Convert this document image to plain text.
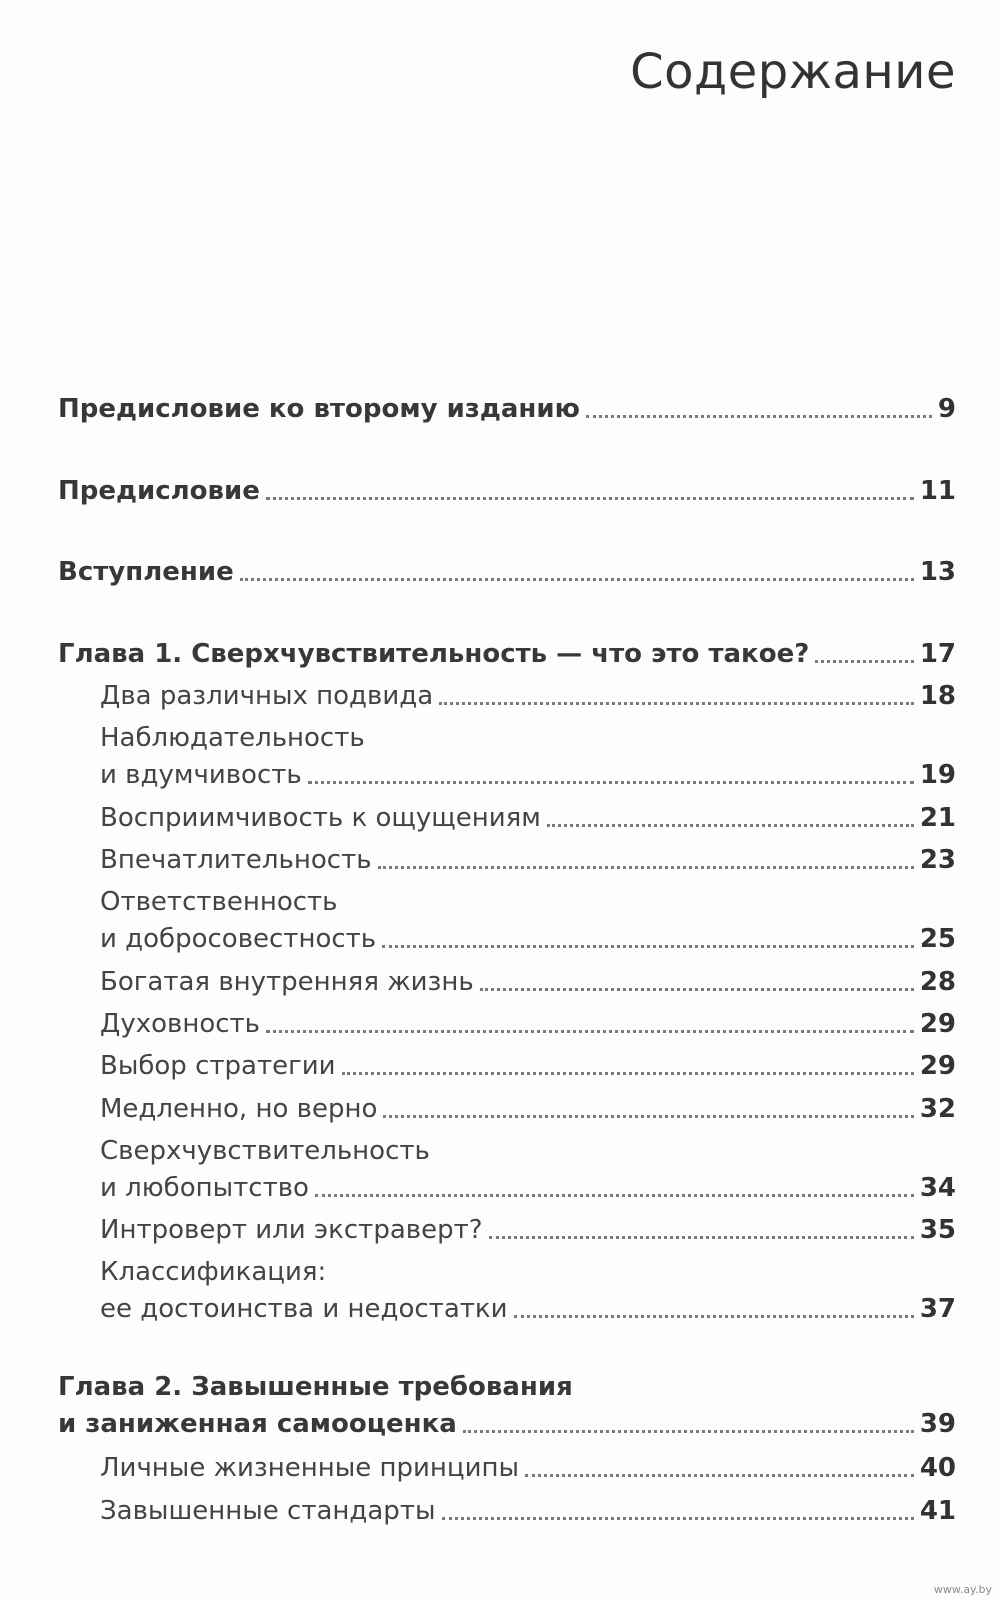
Содержание
Предисловие ко второму изданию	9
Предисловие	11
Вступление	13
Глава 1. Сверхчувствительность — что это такое?	17
Два различных подвида	18
Наблюдательность
и вдумчивость	19
Восприимчивость к ощущениям	21
Впечатлительность	23
Ответственность
и добросовестность	25
Богатая внутренняя жизнь	28
Духовность	29
Выбор стратегии	29
Медленно, но верно	32
Сверхчувствительность
и любопытство	34
Интроверт или экстраверт?	35
Классификация:
ее достоинства и недостатки	37
Глава 2. Завышенные требования
и заниженная самооценка	39
Личные жизненные принципы	40
Завышенные стандарты	41
www.ay.by
